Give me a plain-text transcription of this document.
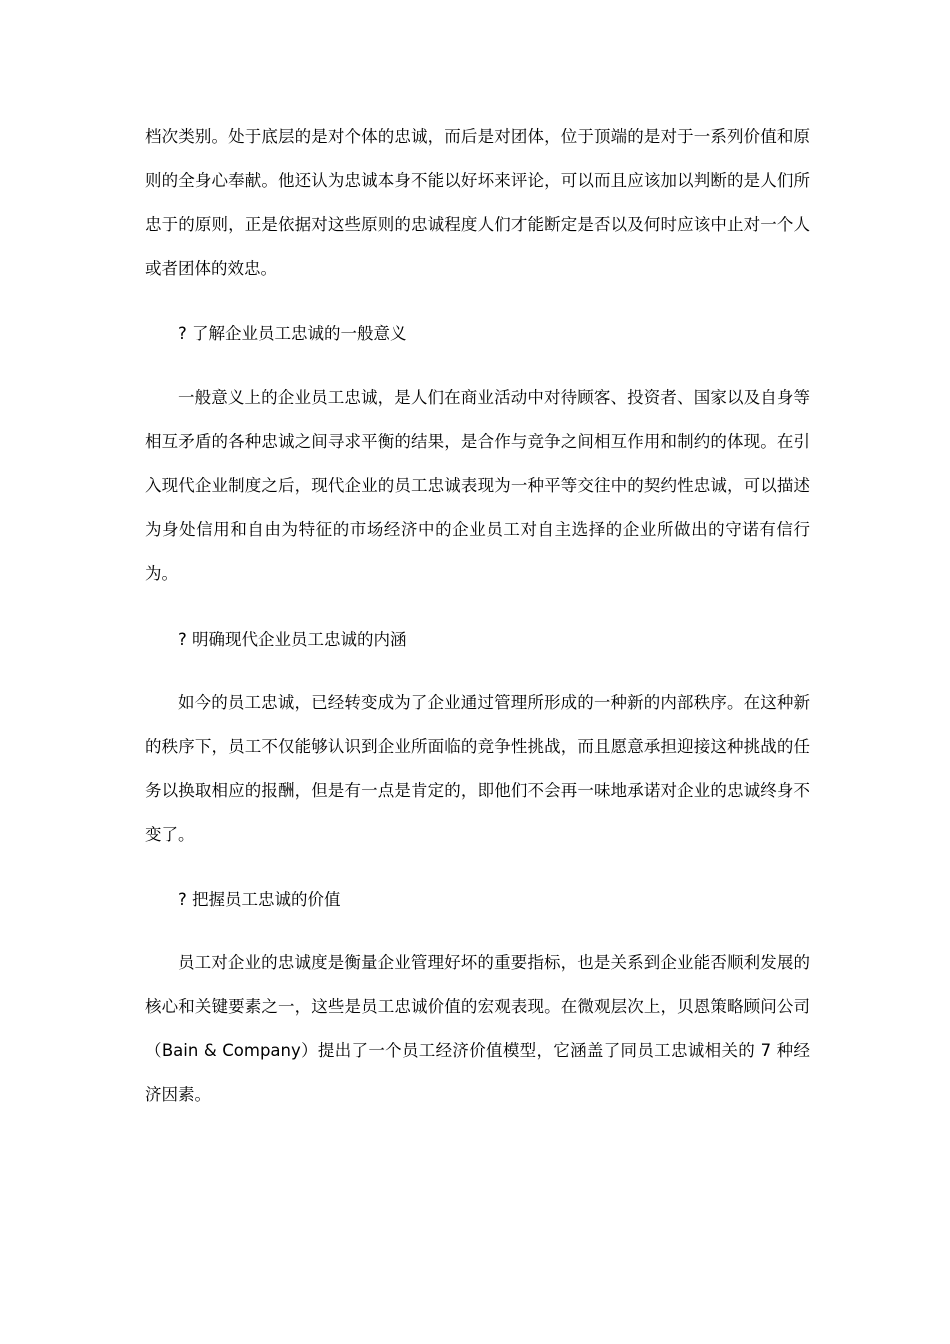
档次类别。处于底层的是对个体的忠诚，而后是对团体，位于顶端的是对于一系列价值和原则的全身心奉献。他还认为忠诚本身不能以好坏来评论，可以而且应该加以判断的是人们所忠于的原则，正是依据对这些原则的忠诚程度人们才能断定是否以及何时应该中止对一个人或者团体的效忠。

? 了解企业员工忠诚的一般意义

一般意义上的企业员工忠诚，是人们在商业活动中对待顾客、投资者、国家以及自身等相互矛盾的各种忠诚之间寻求平衡的结果，是合作与竞争之间相互作用和制约的体现。在引入现代企业制度之后，现代企业的员工忠诚表现为一种平等交往中的契约性忠诚，可以描述为身处信用和自由为特征的市场经济中的企业员工对自主选择的企业所做出的守诺有信行为。

? 明确现代企业员工忠诚的内涵

如今的员工忠诚，已经转变成为了企业通过管理所形成的一种新的内部秩序。在这种新的秩序下，员工不仅能够认识到企业所面临的竞争性挑战，而且愿意承担迎接这种挑战的任务以换取相应的报酬，但是有一点是肯定的，即他们不会再一味地承诺对企业的忠诚终身不变了。

? 把握员工忠诚的价值

员工对企业的忠诚度是衡量企业管理好坏的重要指标，也是关系到企业能否顺利发展的核心和关键要素之一，这些是员工忠诚价值的宏观表现。在微观层次上，贝恩策略顾问公司（Bain & Company）提出了一个员工经济价值模型，它涵盖了同员工忠诚相关的 7 种经济因素。
